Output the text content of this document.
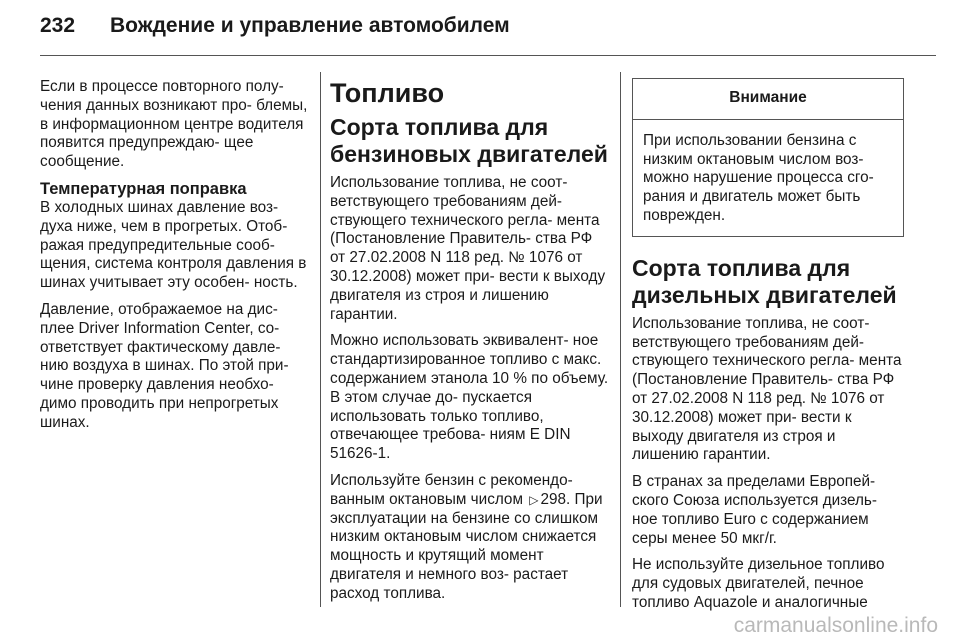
232 Вождение и управление автомобилем

Если в процессе повторного полу- чения данных возникают про- блемы, в информационном центре водителя появится предупреждаю- щее сообщение.

Температурная поправка

В холодных шинах давление воз- духа ниже, чем в прогретых. Отоб- ражая предупредительные сооб- щения, система контроля давления в шинах учитывает эту особен- ность.

Давление, отображаемое на дис- плее Driver Information Center, со- ответствует фактическому давле- нию воздуха в шинах. По этой при- чине проверку давления необхо- димо проводить при непрогретых шинах.

Топливо
Сорта топлива для бензиновых двигателей

Использование топлива, не соот- ветствующего требованиям дей- ствующего технического регла- мента (Постановление Правитель- ства РФ от 27.02.2008 N 118 ред. № 1076 от 30.12.2008) может при- вести к выходу двигателя из строя и лишению гарантии.

Можно использовать эквивалент- ное стандартизированное топливо с макс. содержанием этанола 10 % по объему. В этом случае до- пускается использовать только топливо, отвечающее требова- ниям E DIN 51626-1.

Используйте бензин с рекомендо- ванным октановым числом ▷ 298. При эксплуатации на бензине со слишком низким октановым числом снижается мощность и крутящий момент двигателя и немного воз- растает расход топлива.

Внимание
При использовании бензина с низким октановым числом воз- можно нарушение процесса сго- рания и двигатель может быть поврежден.
Сорта топлива для дизельных двигателей

Использование топлива, не соот- ветствующего требованиям дей- ствующего технического регла- мента (Постановление Правитель- ства РФ от 27.02.2008 N 118 ред. № 1076 от 30.12.2008) может при- вести к выходу двигателя из строя и лишению гарантии.

В странах за пределами Европей- ского Союза используется дизель- ное топливо Euro с содержанием серы менее 50 мкг/г.

Не используйте дизельное топливо для судовых двигателей, печное топливо Aquazole и аналогичные

carmanualsonline.info
